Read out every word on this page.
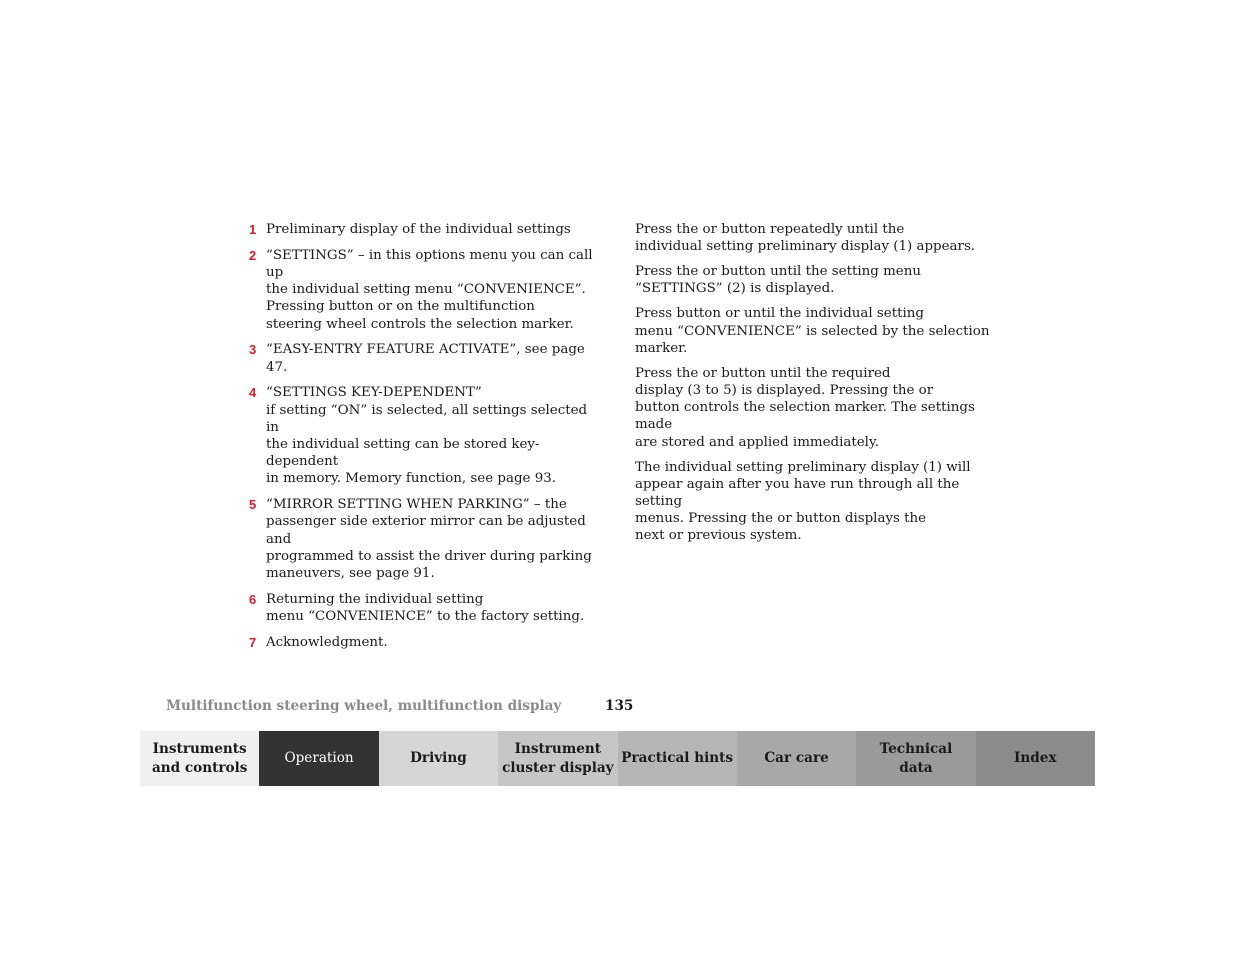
1 Preliminary display of the individual settings
2 “SETTINGS” – in this options menu you can call up
the individual setting menu “CONVENIENCE”.
Pressing button or on the multifunction
steering wheel controls the selection marker.
3 “EASY-ENTRY FEATURE ACTIVATE”, see page 47.
4 “SETTINGS KEY-DEPENDENT”
if setting “ON” is selected, all settings selected in
the individual setting can be stored key-dependent
in memory. Memory function, see page 93.
5 “MIRROR SETTING WHEN PARKING” – the
passenger side exterior mirror can be adjusted and
programmed to assist the driver during parking
maneuvers, see page 91.
6 Returning the individual setting
menu “CONVENIENCE” to the factory setting.
7 Acknowledgment.

Press the or button repeatedly until the
individual setting preliminary display (1) appears.

Press the or button until the setting menu
“SETTINGS” (2) is displayed.

Press button or until the individual setting
menu “CONVENIENCE” is selected by the selection
marker.

Press the or button until the required
display (3 to 5) is displayed. Pressing the or
button controls the selection marker. The settings made
are stored and applied immediately.

The individual setting preliminary display (1) will
appear again after you have run through all the setting
menus. Pressing the or button displays the
next or previous system.

Multifunction steering wheel, multifunction display	135
Instruments
and controls
Operation	Driving
Instrument
cluster display
Practical hints	Car care
Technical
data
Index
